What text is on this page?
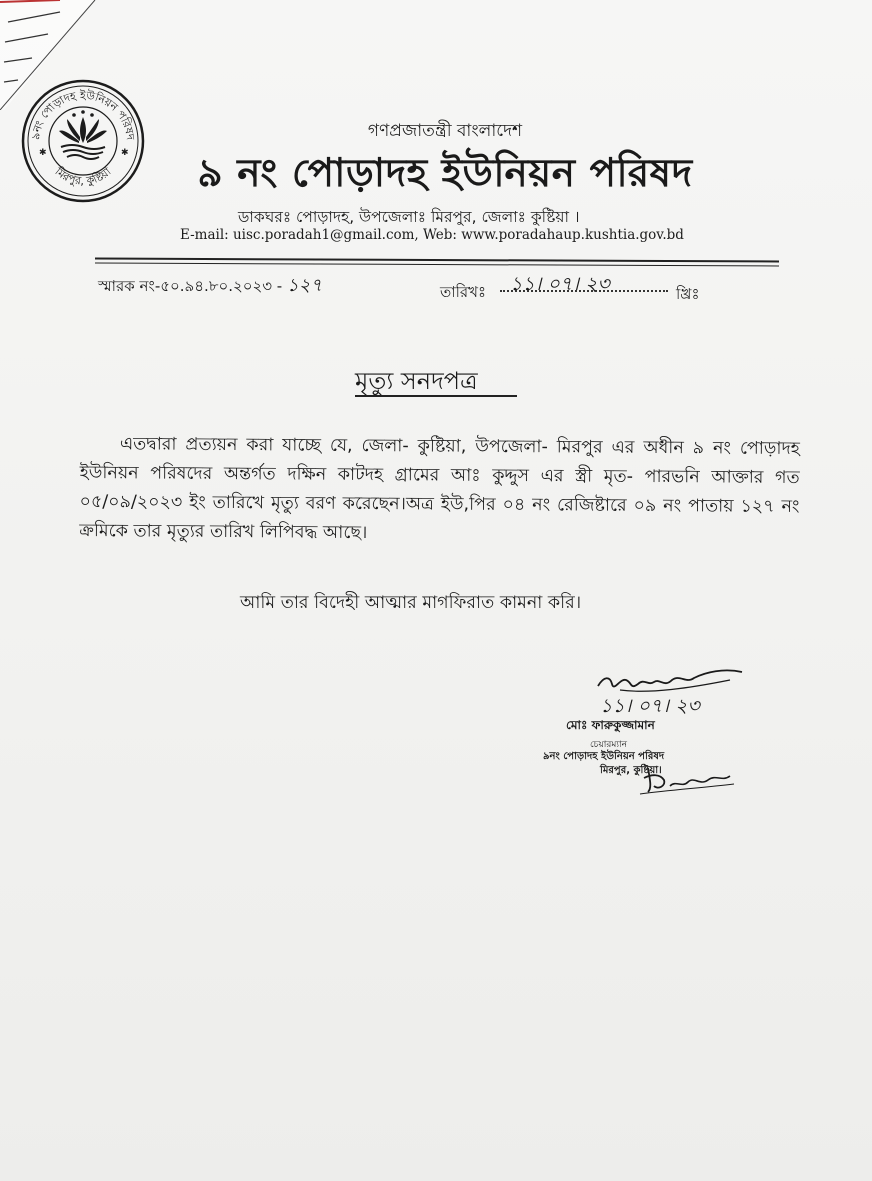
৯নং পোড়াদহ ইউনিয়ন পরিষদ
মিরপুর, কুষ্টিয়া
✱	✱
গণপ্রজাতন্ত্রী বাংলাদেশ
৯ নং পোড়াদহ ইউনিয়ন পরিষদ
ডাকঘরঃ পোড়াদহ, উপজেলাঃ মিরপুর, জেলাঃ কুষ্টিয়া ।
E-mail: uisc.poradah1@gmail.com, Web: www.poradahaup.kushtia.gov.bd
স্মারক নং-৫০.৯৪.৮০.২০২৩ - ১২৭	তারিখঃ ১১। ০৭। ২৩	খ্রিঃ
মৃত্যু সনদপত্র

এতদ্বারা প্রত্যয়ন করা যাচ্ছে যে, জেলা- কুষ্টিয়া, উপজেলা- মিরপুর এর অধীন ৯ নং পোড়াদহ ইউনিয়ন পরিষদের অন্তর্গত দক্ষিন কাটদহ গ্রামের আঃ কুদ্দুস এর স্ত্রী মৃত- পারভনি আক্তার গত ০৫/০৯/২০২৩ ইং তারিখে মৃত্যু বরণ করেছেন।অত্র ইউ,পির ০৪ নং রেজিষ্টারে ০৯ নং পাতায় ১২৭ নং ক্রমিকে তার মৃত্যুর তারিখ লিপিবদ্ধ আছে।

আমি তার বিদেহী আত্মার মাগফিরাত কামনা করি।
১১। ০৭। ২৩
মোঃ ফারুকুজ্জামান
চেয়ারম্যান
৯নং পোড়াদহ ইউনিয়ন পরিষদ
মিরপুর, কুষ্টিয়া।
